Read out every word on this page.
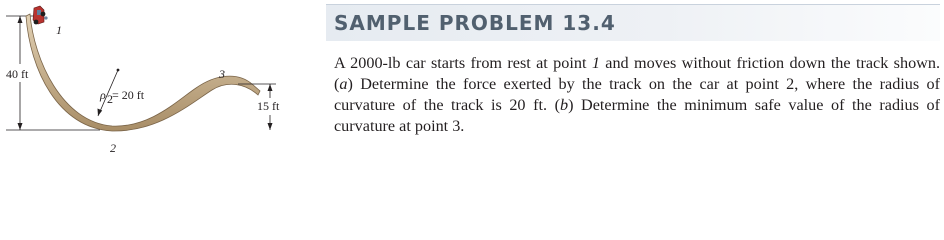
40 ft
1
ρ 2 = 20 ft
2
3
15 ft
SAMPLE PROBLEM 13.4

A 2000-lb car starts from rest at point 1 and moves without friction down the track shown. (a) Determine the force exerted by the track on the car at point 2, where the radius of curvature of the track is 20 ft. (b) Determine the minimum safe value of the radius of curvature at point 3.
